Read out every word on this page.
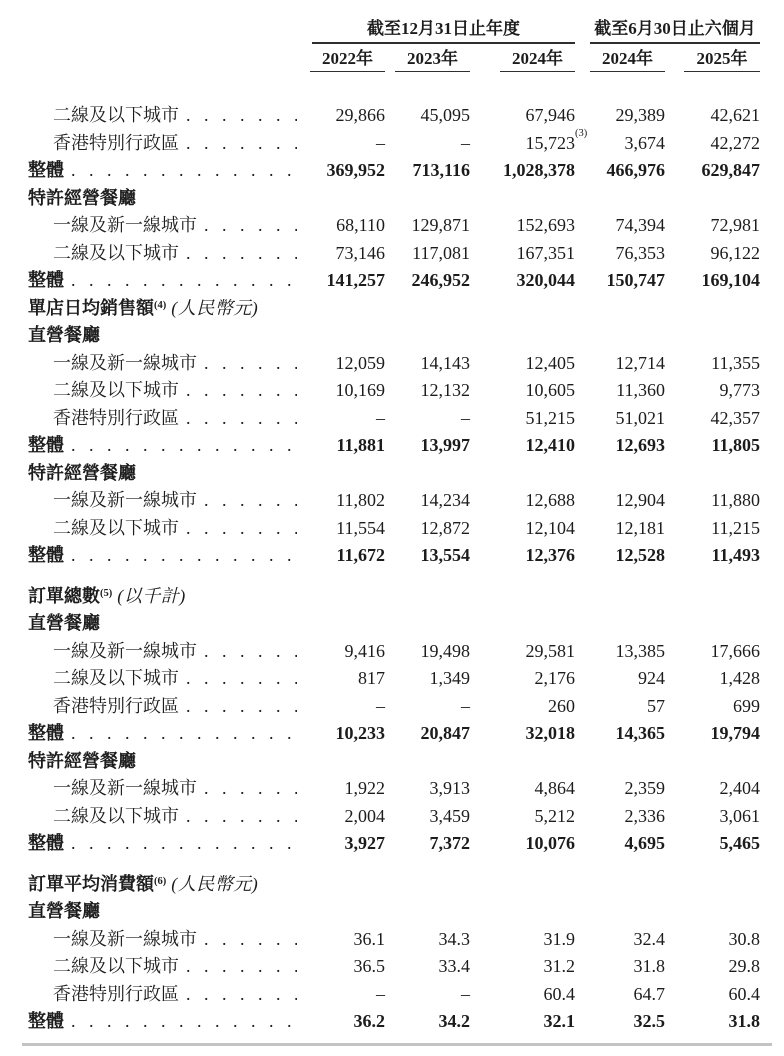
截至12月31日止年度	截至6月30日止六個月
2022年	2023年	2024年	2024年	2025年
二線及以下城市 . . .	29,866	45,095	67,946	29,389	42,621
香港特別行政區 . . .	–	–	15,723$^{(3)}$	3,674	42,272
整體 . . .	369,952	713,116	1,028,378	466,976	629,847
特許經營餐廳
一線及新一線城市 . . .	68,110	129,871	152,693	74,394	72,981
二線及以下城市 . . .	73,146	117,081	167,351	76,353	96,122
整體 . . .	141,257	246,952	320,044	150,747	169,104
單店日均銷售額$^{(4)}$ (人民幣元)
直營餐廳
一線及新一線城市 . . .	12,059	14,143	12,405	12,714	11,355
二線及以下城市 . . .	10,169	12,132	10,605	11,360	9,773
香港特別行政區 . . .	–	–	51,215	51,021	42,357
整體 . . .	11,881	13,997	12,410	12,693	11,805
特許經營餐廳
一線及新一線城市 . . .	11,802	14,234	12,688	12,904	11,880
二線及以下城市 . . .	11,554	12,872	12,104	12,181	11,215
整體 . . .	11,672	13,554	12,376	12,528	11,493
訂單總數$^{(5)}$ (以千計)
直營餐廳
一線及新一線城市 . . .	9,416	19,498	29,581	13,385	17,666
二線及以下城市 . . .	817	1,349	2,176	924	1,428
香港特別行政區 . . .	–	–	260	57	699
整體 . . .	10,233	20,847	32,018	14,365	19,794
特許經營餐廳
一線及新一線城市 . . .	1,922	3,913	4,864	2,359	2,404
二線及以下城市 . . .	2,004	3,459	5,212	2,336	3,061
整體 . . .	3,927	7,372	10,076	4,695	5,465
訂單平均消費額$^{(6)}$ (人民幣元)
直營餐廳
一線及新一線城市 . . .	36.1	34.3	31.9	32.4	30.8
二線及以下城市 . . .	36.5	33.4	31.2	31.8	29.8
香港特別行政區 . . .	–	–	60.4	64.7	60.4
整體 . . .	36.2	34.2	32.1	32.5	31.8
